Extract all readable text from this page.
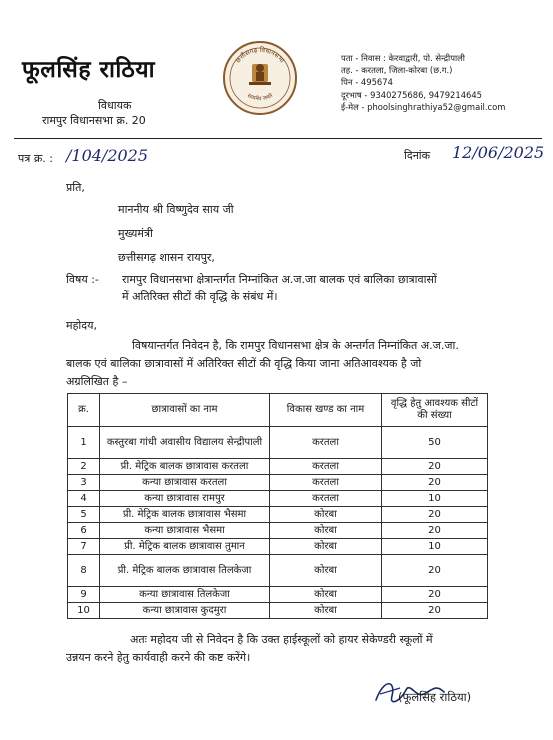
फूलसिंह राठिया
विधायक
रामपुर विधानसभा क्र. 20
छत्तीसगढ़ विधानसभा
सत्यमेव जयते
पता - निवास : केरवाद्वारी, पो. सेन्द्रीपाली
तह. - करतला, जिला-कोरबा (छ.ग.)
पिन - 495674
दूरभाष - 9340275686, 9479214645
ई-मेल - phoolsinghrathiya52@gmail.com
पत्र क्र. : /104/2025	दिनांक 12/06/2025
प्रति,
माननीय श्री विष्णुदेव साय जी
मुख्यमंत्री
छत्तीसगढ़ शासन रायपुर,
विषय :- रामपुर विधानसभा क्षेत्रान्तर्गत निम्नांकित अ.ज.जा बालक एवं बालिका छात्रावासों
में अतिरिक्त सीटों की वृद्धि के संबंध में।
महोदय,
विषयान्तर्गत निवेदन है, कि रामपुर विधानसभा क्षेत्र के अन्तर्गत निम्नांकित अ.ज.जा.
बालक एवं बालिका छात्रावासों में अतिरिक्त सीटों की वृद्धि किया जाना अतिआवश्यक है जो
अग्रलिखित है –
क्र.	छात्रावासों का नाम	विकास खण्ड का नाम	वृद्धि हेतु आवश्यक सीटों की संख्या
1	कस्तुरबा गांधी अवासीय विद्यालय सेन्द्रीपाली	करतला	50
2	प्री. मेट्रिक बालक छात्रावास करतला	करतला	20
3	कन्या छात्रावास करतला	करतला	20
4	कन्या छात्रावास रामपुर	करतला	10
5	प्री. मेट्रिक बालक छात्रावास भैसमा	कोरबा	20
6	कन्या छात्रावास भैसमा	कोरबा	20
7	प्री. मेट्रिक बालक छात्रावास तुमान	कोरबा	10
8	प्री. मेट्रिक बालक छात्रावास तिलकेजा	कोरबा	20
9	कन्या छात्रावास तिलकेजा	कोरबा	20
10	कन्या छात्रावास कुदमुरा	कोरबा	20
अतः महोदय जी से निवेदन है कि उक्त हाईस्कूलों को हायर सेकेण्डरी स्कूलों में
उन्नयन करने हेतु कार्यवाही करने की कष्ट करेंगे।
(फूलसिंह राठिया)
